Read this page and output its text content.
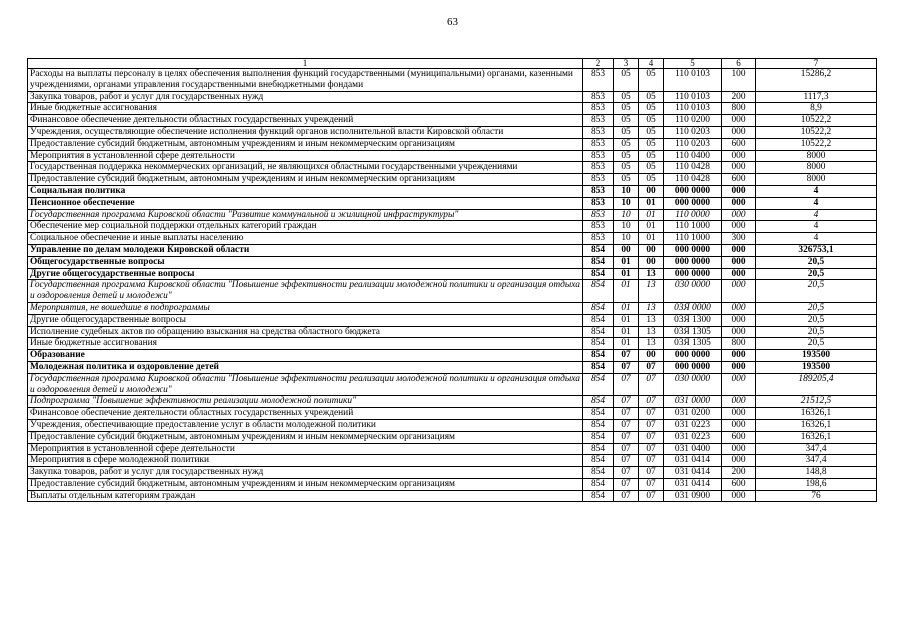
63
1	2	3	4	5	6	7
Расходы на выплаты персоналу в целях обеспечения выполнения функций государственными (муниципальными) органами, казенными учреждениями, органами управления государственными внебюджетными фондами	853	05	05	110 0103	100	15286,2
Закупка товаров, работ и услуг для государственных нужд	853	05	05	110 0103	200	1117,3
Иные бюджетные ассигнования	853	05	05	110 0103	800	8,9
Финансовое обеспечение деятельности областных государственных учреждений	853	05	05	110 0200	000	10522,2
Учреждения, осуществляющие обеспечение исполнения функций органов исполнительной власти Кировской области	853	05	05	110 0203	000	10522,2
Предоставление субсидий бюджетным, автономным учреждениям и иным некоммерческим организациям	853	05	05	110 0203	600	10522,2
Мероприятия в установленной сфере деятельности	853	05	05	110 0400	000	8000
Государственная поддержка некоммерческих организаций, не являющихся областными государственными учреждениями	853	05	05	110 0428	000	8000
Предоставление субсидий бюджетным, автономным учреждениям и иным некоммерческим организациям	853	05	05	110 0428	600	8000
Социальная политика	853	10	00	000 0000	000	4
Пенсионное обеспечение	853	10	01	000 0000	000	4
Государственная программа Кировской области "Развитие коммунальной и жилищной инфраструктуры"	853	10	01	110 0000	000	4
Обеспечение мер социальной поддержки отдельных категорий граждан	853	10	01	110 1000	000	4
Социальное обеспечение и иные выплаты населению	853	10	01	110 1000	300	4
Управление по делам молодежи Кировской области	854	00	00	000 0000	000	326753,1
Общегосударственные вопросы	854	01	00	000 0000	000	20,5
Другие общегосударственные вопросы	854	01	13	000 0000	000	20,5
Государственная программа Кировской области "Повышение эффективности реализации молодежной политики и организация отдыха и оздоровления детей и молодежи"	854	01	13	030 0000	000	20,5
Мероприятия, не вошедшие в подпрограммы	854	01	13	03Я 0000	000	20,5
Другие общегосударственные вопросы	854	01	13	03Я 1300	000	20,5
Исполнение судебных актов по обращению взыскания на средства областного бюджета	854	01	13	03Я 1305	000	20,5
Иные бюджетные ассигнования	854	01	13	03Я 1305	800	20,5
Образование	854	07	00	000 0000	000	193500
Молодежная политика и оздоровление детей	854	07	07	000 0000	000	193500
Государственная программа Кировской области "Повышение эффективности реализации молодежной политики и организация отдыха и оздоровления детей и молодежи"	854	07	07	030 0000	000	189205,4
Подпрограмма "Повышение эффективности реализации молодежной политики"	854	07	07	031 0000	000	21512,5
Финансовое обеспечение деятельности областных государственных учреждений	854	07	07	031 0200	000	16326,1
Учреждения, обеспечивающие предоставление услуг в области молодежной политики	854	07	07	031 0223	000	16326,1
Предоставление субсидий бюджетным, автономным учреждениям и иным некоммерческим организациям	854	07	07	031 0223	600	16326,1
Мероприятия в установленной сфере деятельности	854	07	07	031 0400	000	347,4
Мероприятия в сфере молодежной политики	854	07	07	031 0414	000	347,4
Закупка товаров, работ и услуг для государственных нужд	854	07	07	031 0414	200	148,8
Предоставление субсидий бюджетным, автономным учреждениям и иным некоммерческим организациям	854	07	07	031 0414	600	198,6
Выплаты отдельным категориям граждан	854	07	07	031 0900	000	76
